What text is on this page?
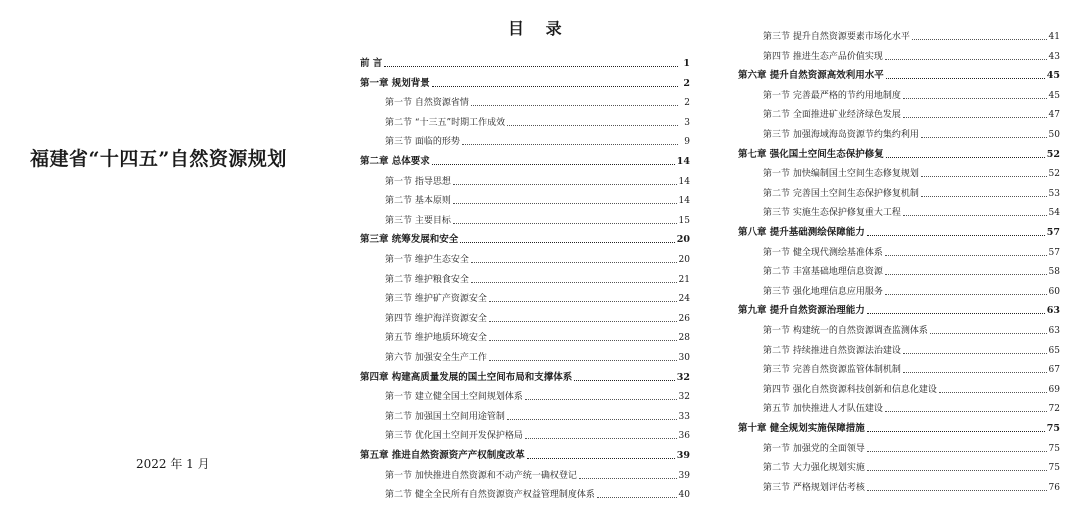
福建省“十四五”自然资源规划
2022 年 1 月
目 录
前 言	1
第一章 规划背景	2
第一节 自然资源省情	2
第二节 “十三五”时期工作成效	3
第三节 面临的形势	9
第二章 总体要求	14
第一节 指导思想	14
第二节 基本原则	14
第三节 主要目标	15
第三章 统筹发展和安全	20
第一节 维护生态安全	20
第二节 维护粮食安全	21
第三节 维护矿产资源安全	24
第四节 维护海洋资源安全	26
第五节 维护地质环境安全	28
第六节 加强安全生产工作	30
第四章 构建高质量发展的国土空间布局和支撑体系	32
第一节 建立健全国土空间规划体系	32
第二节 加强国土空间用途管制	33
第三节 优化国土空间开发保护格局	36
第五章 推进自然资源资产产权制度改革	39
第一节 加快推进自然资源和不动产统一确权登记	39
第二节 健全全民所有自然资源资产权益管理制度体系	40
第三节 提升自然资源要素市场化水平	41
第四节 推进生态产品价值实现	43
第六章 提升自然资源高效利用水平	45
第一节 完善最严格的节约用地制度	45
第二节 全面推进矿业经济绿色发展	47
第三节 加强海域海岛资源节约集约利用	50
第七章 强化国土空间生态保护修复	52
第一节 加快编制国土空间生态修复规划	52
第二节 完善国土空间生态保护修复机制	53
第三节 实施生态保护修复重大工程	54
第八章 提升基础测绘保障能力	57
第一节 健全现代测绘基准体系	57
第二节 丰富基础地理信息资源	58
第三节 强化地理信息应用服务	60
第九章 提升自然资源治理能力	63
第一节 构建统一的自然资源调查监测体系	63
第二节 持续推进自然资源法治建设	65
第三节 完善自然资源监管体制机制	67
第四节 强化自然资源科技创新和信息化建设	69
第五节 加快推进人才队伍建设	72
第十章 健全规划实施保障措施	75
第一节 加强党的全面领导	75
第二节 大力强化规划实施	75
第三节 严格规划评估考核	76
